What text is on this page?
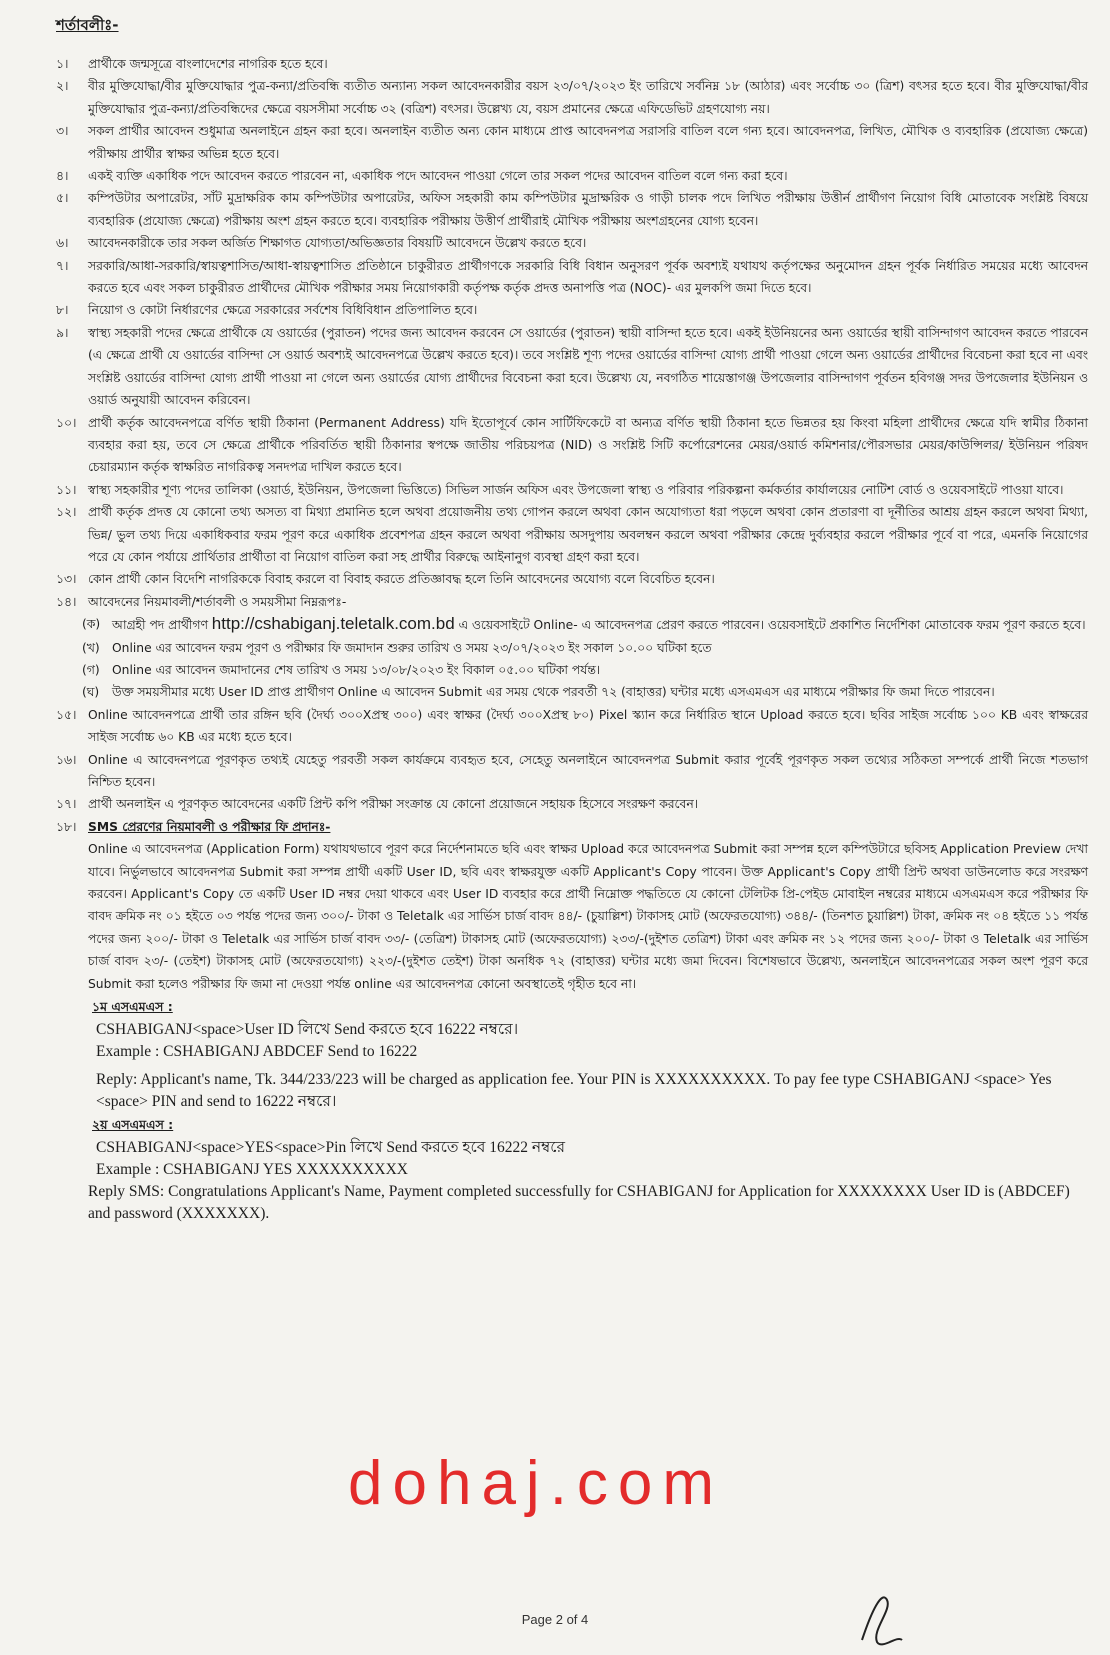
শর্তাবলীঃ-
১।	প্রার্থীকে জন্মসূত্রে বাংলাদেশের নাগরিক হতে হবে।
২।	বীর মুক্তিযোদ্ধা/বীর মুক্তিযোদ্ধার পুত্র-কন্যা/প্রতিবন্ধি ব্যতীত অন্যান্য সকল আবেদনকারীর বয়স ২৩/০৭/২০২৩ ইং তারিখে সর্বনিম্ন ১৮ (আঠার) এবং সর্বোচ্চ ৩০ (ত্রিশ) বৎসর হতে হবে। বীর মুক্তিযোদ্ধা/বীর মুক্তিযোদ্ধার পুত্র-কন্যা/প্রতিবন্ধিদের ক্ষেত্রে বয়সসীমা সর্বোচ্চ ৩২ (বত্রিশ) বৎসর। উল্লেখ্য যে, বয়স প্রমানের ক্ষেত্রে এফিডেভিট গ্রহণযোগ্য নয়।
৩।	সকল প্রার্থীর আবেদন শুধুমাত্র অনলাইনে গ্রহন করা হবে। অনলাইন ব্যতীত অন্য কোন মাধ্যমে প্রাপ্ত আবেদনপত্র সরাসরি বাতিল বলে গন্য হবে। আবেদনপত্র, লিখিত, মৌখিক ও ব্যবহারিক (প্রযোজ্য ক্ষেত্রে) পরীক্ষায় প্রার্থীর স্বাক্ষর অভিন্ন হতে হবে।
৪।	একই ব্যক্তি একাধিক পদে আবেদন করতে পারবেন না, একাধিক পদে আবেদন পাওয়া গেলে তার সকল পদের আবেদন বাতিল বলে গন্য করা হবে।
৫।	কম্পিউটার অপারেটর, সাঁট মুদ্রাক্ষরিক কাম কম্পিউটার অপারেটর, অফিস সহকারী কাম কম্পিউটার মুদ্রাক্ষরিক ও গাড়ী চালক পদে লিখিত পরীক্ষায় উত্তীর্ন প্রার্থীগণ নিয়োগ বিধি মোতাবেক সংশ্লিষ্ট বিষয়ে ব্যবহারিক (প্রযোজ্য ক্ষেত্রে) পরীক্ষায় অংশ গ্রহন করতে হবে। ব্যবহারিক পরীক্ষায় উত্তীর্ণ প্রার্থীরাই মৌখিক পরীক্ষায় অংশগ্রহনের যোগ্য হবেন।
৬।	আবেদনকারীকে তার সকল অর্জিত শিক্ষাগত যোগ্যতা/অভিজ্ঞতার বিষয়টি আবেদনে উল্লেখ করতে হবে।
৭।	সরকারি/আধা-সরকারি/স্বায়ত্বশাসিত/আধা-স্বায়ত্বশাসিত প্রতিষ্ঠানে চাকুরীরত প্রার্থীগণকে সরকারি বিধি বিধান অনুসরণ পূর্বক অবশ্যই যথাযথ কর্তৃপক্ষের অনুমোদন গ্রহন পূর্বক নির্ধারিত সময়ের মধ্যে আবেদন করতে হবে এবং সকল চাকুরীরত প্রার্থীদের মৌখিক পরীক্ষার সময় নিয়োগকারী কর্তৃপক্ষ কর্তৃক প্রদত্ত অনাপত্তি পত্র (NOC)- এর মুলকপি জমা দিতে হবে।
৮।	নিয়োগ ও কোটা নির্ধারণের ক্ষেত্রে সরকারের সর্বশেষ বিধিবিধান প্রতিপালিত হবে।
৯।	স্বাস্থ্য সহকারী পদের ক্ষেত্রে প্রার্থীকে যে ওয়ার্ডের (পুরাতন) পদের জন্য আবেদন করবেন সে ওয়ার্ডের (পুরাতন) স্থায়ী বাসিন্দা হতে হবে। একই ইউনিয়নের অন্য ওয়ার্ডের স্থায়ী বাসিন্দাগণ আবেদন করতে পারবেন (এ ক্ষেত্রে প্রার্থী যে ওয়ার্ডের বাসিন্দা সে ওয়ার্ড অবশ্যই আবেদনপত্রে উল্লেখ করতে হবে)। তবে সংশ্লিষ্ট শূণ্য পদের ওয়ার্ডের বাসিন্দা যোগ্য প্রার্থী পাওয়া গেলে অন্য ওয়ার্ডের প্রার্থীদের বিবেচনা করা হবে না এবং সংশ্লিষ্ট ওয়ার্ডের বাসিন্দা যোগ্য প্রার্থী পাওয়া না গেলে অন্য ওয়ার্ডের যোগ্য প্রার্থীদের বিবেচনা করা হবে। উল্লেখ্য যে, নবগঠিত শায়েস্তাগঞ্জ উপজেলার বাসিন্দাগণ পূর্বতন হবিগঞ্জ সদর উপজেলার ইউনিয়ন ও ওয়ার্ড অনুযায়ী আবেদন করিবেন।
১০। প্রার্থী কর্তৃক আবেদনপত্রে বর্ণিত স্থায়ী ঠিকানা (Permanent Address) যদি ইতোপূর্বে কোন সার্টিফিকেটে বা অন্যত্র বর্ণিত স্থায়ী ঠিকানা হতে ভিন্নতর হয় কিংবা মহিলা প্রার্থীদের ক্ষেত্রে যদি স্বামীর ঠিকানা ব্যবহার করা হয়, তবে সে ক্ষেত্রে প্রার্থীকে পরিবর্তিত স্থায়ী ঠিকানার স্বপক্ষে জাতীয় পরিচয়পত্র (NID) ও সংশ্লিষ্ট সিটি কর্পোরেশনের মেয়র/ওয়ার্ড কমিশনার/পৌরসভার মেয়র/কাউন্সিলর/ ইউনিয়ন পরিষদ চেয়ারম্যান কর্তৃক স্বাক্ষরিত নাগরিকত্ব সনদপত্র দাখিল করতে হবে।
১১। স্বাস্থ্য সহকারীর শূণ্য পদের তালিকা (ওয়ার্ড, ইউনিয়ন, উপজেলা ভিত্তিতে) সিভিল সার্জন অফিস এবং উপজেলা স্বাস্থ্য ও পরিবার পরিকল্পনা কর্মকর্তার কার্যালয়ের নোটিশ বোর্ড ও ওয়েবসাইটে পাওয়া যাবে।
১২। প্রার্থী কর্তৃক প্রদত্ত যে কোনো তথ্য অসত্য বা মিথ্যা প্রমানিত হলে অথবা প্রয়োজনীয় তথ্য গোপন করলে অথবা কোন অযোগ্যতা ধরা পড়লে অথবা কোন প্রতারণা বা দূর্নীতির আশ্রয় গ্রহন করলে অথবা মিথ্যা, ভিন্ন/ ভুল তথ্য দিয়ে একাধিকবার ফরম পূরণ করে একাধিক প্রবেশপত্র গ্রহন করলে অথবা পরীক্ষায় অসদুপায় অবলম্বন করলে অথবা পরীক্ষার কেন্দ্রে দুর্ব্যবহার করলে পরীক্ষার পূর্বে বা পরে, এমনকি নিয়োগের পরে যে কোন পর্যায়ে প্রার্থিতার প্রার্থীতা বা নিয়োগ বাতিল করা সহ প্রার্থীর বিরুদ্ধে আইনানুগ ব্যবস্থা গ্রহণ করা হবে।
১৩। কোন প্রার্থী কোন বিদেশি নাগরিককে বিবাহ করলে বা বিবাহ করতে প্রতিজ্ঞাবদ্ধ হলে তিনি আবেদনের অযোগ্য বলে বিবেচিত হবেন।
১৪। আবেদনের নিয়মাবলী/শর্তাবলী ও সময়সীমা নিম্নরূপঃ-
(ক) আগ্রহী পদ প্রার্থীগণ http://cshabiganj.teletalk.com.bd এ ওয়েবসাইটে Online- এ আবেদনপত্র প্রেরণ করতে পারবেন। ওয়েবসাইটে প্রকাশিত নির্দেশিকা মোতাবেক ফরম পূরণ করতে হবে।
(খ)	Online এর আবেদন ফরম পূরণ ও পরীক্ষার ফি জমাদান শুরুর তারিখ ও সময় ২৩/০৭/২০২৩ ইং সকাল ১০.০০ ঘটিকা হতে
(গ)	Online এর আবেদন জমাদানের শেষ তারিখ ও সময় ১৩/০৮/২০২৩ ইং বিকাল ০৫.০০ ঘটিকা পর্যন্ত।
(ঘ)	উক্ত সময়সীমার মধ্যে User ID প্রাপ্ত প্রার্থীগণ Online এ আবেদন Submit এর সময় থেকে পরবর্তী ৭২ (বাহাত্তর) ঘন্টার মধ্যে এসএমএস এর মাধ্যমে পরীক্ষার ফি জমা দিতে পারবেন।
১৫। Online আবেদনপত্রে প্রার্থী তার রঙ্গিন ছবি (দৈর্ঘ্য ৩০০Xপ্রস্থ ৩০০) এবং স্বাক্ষর (দৈর্ঘ্য ৩০০Xপ্রস্থ ৮০) Pixel স্ক্যান করে নির্ধারিত স্থানে Upload করতে হবে। ছবির সাইজ সর্বোচ্চ ১০০ KB এবং স্বাক্ষরের সাইজ সর্বোচ্চ ৬০ KB এর মধ্যে হতে হবে।
১৬। Online এ আবেদনপত্রে পূরণকৃত তথ্যই যেহেতু পরবর্তী সকল কার্যক্রমে ব্যবহৃত হবে, সেহেতু অনলাইনে আবেদনপত্র Submit করার পূর্বেই পূরণকৃত সকল তথ্যের সঠিকতা সম্পর্কে প্রার্থী নিজে শতভাগ নিশ্চিত হবেন।
১৭। প্রার্থী অনলাইন এ পূরণকৃত আবেদনের একটি প্রিন্ট কপি পরীক্ষা সংক্রান্ত যে কোনো প্রয়োজনে সহায়ক হিসেবে সংরক্ষণ করবেন।
১৮। SMS প্রেরণের নিয়মাবলী ও পরীক্ষার ফি প্রদানঃ-
Online এ আবেদনপত্র (Application Form) যথাযথভাবে পূরণ করে নির্দেশনামতে ছবি এবং স্বাক্ষর Upload করে আবেদনপত্র Submit করা সম্পন্ন হলে কম্পিউটারে ছবিসহ Application Preview দেখা যাবে। নির্ভুলভাবে আবেদনপত্র Submit করা সম্পন্ন প্রার্থী একটি User ID, ছবি এবং স্বাক্ষরযুক্ত একটি Applicant's Copy পাবেন। উক্ত Applicant's Copy প্রার্থী প্রিন্ট অথবা ডাউনলোড করে সংরক্ষণ করবেন। Applicant's Copy তে একটি User ID নম্বর দেয়া থাকবে এবং User ID ব্যবহার করে প্রার্থী নিম্নোক্ত পদ্ধতিতে যে কোনো টেলিটক প্রি-পেইড মোবাইল নম্বরের মাধ্যমে এসএমএস করে পরীক্ষার ফি বাবদ ক্রমিক নং ০১ হইতে ০৩ পর্যন্ত পদের জন্য ৩০০/- টাকা ও Teletalk এর সার্ভিস চার্জ বাবদ ৪৪/- (চুয়াল্লিশ) টাকাসহ মোট (অফেরতযোগ্য) ৩৪৪/- (তিনশত চুয়াল্লিশ) টাকা, ক্রমিক নং ০৪ হইতে ১১ পর্যন্ত পদের জন্য ২০০/- টাকা ও Teletalk এর সার্ভিস চার্জ বাবদ ৩৩/- (তেত্রিশ) টাকাসহ মোট (অফেরতযোগ্য) ২৩৩/-(দুইশত তেত্রিশ) টাকা এবং ক্রমিক নং ১২ পদের জন্য ২০০/- টাকা ও Teletalk এর সার্ভিস চার্জ বাবদ ২৩/- (তেইশ) টাকাসহ মোট (অফেরতযোগ্য) ২২৩/-(দুইশত তেইশ) টাকা অনধিক ৭২ (বাহাত্তর) ঘন্টার মধ্যে জমা দিবেন। বিশেষভাবে উল্লেখ্য, অনলাইনে আবেদনপত্রের সকল অংশ পূরণ করে Submit করা হলেও পরীক্ষার ফি জমা না দেওয়া পর্যন্ত online এর আবেদনপত্র কোনো অবস্থাতেই গৃহীত হবে না।
১ম এসএমএস :
CSHABIGANJ<space>User ID লিখে Send করতে হবে 16222 নম্বরে।
Example : CSHABIGANJ ABDCEF Send to 16222
Reply: Applicant's name, Tk. 344/233/223 will be charged as application fee. Your PIN is XXXXXXXXXX. To pay fee type CSHABIGANJ <space> Yes <space> PIN and send to 16222 নম্বরে।
২য় এসএমএস :
CSHABIGANJ<space>YES<space>Pin লিখে Send করতে হবে 16222 নম্বরে
Example : CSHABIGANJ YES XXXXXXXXXX
Reply SMS: Congratulations Applicant's Name, Payment completed successfully for CSHABIGANJ for Application for XXXXXXXX User ID is (ABDCEF) and password (XXXXXXX).
dohaj.com
Page 2 of 4
